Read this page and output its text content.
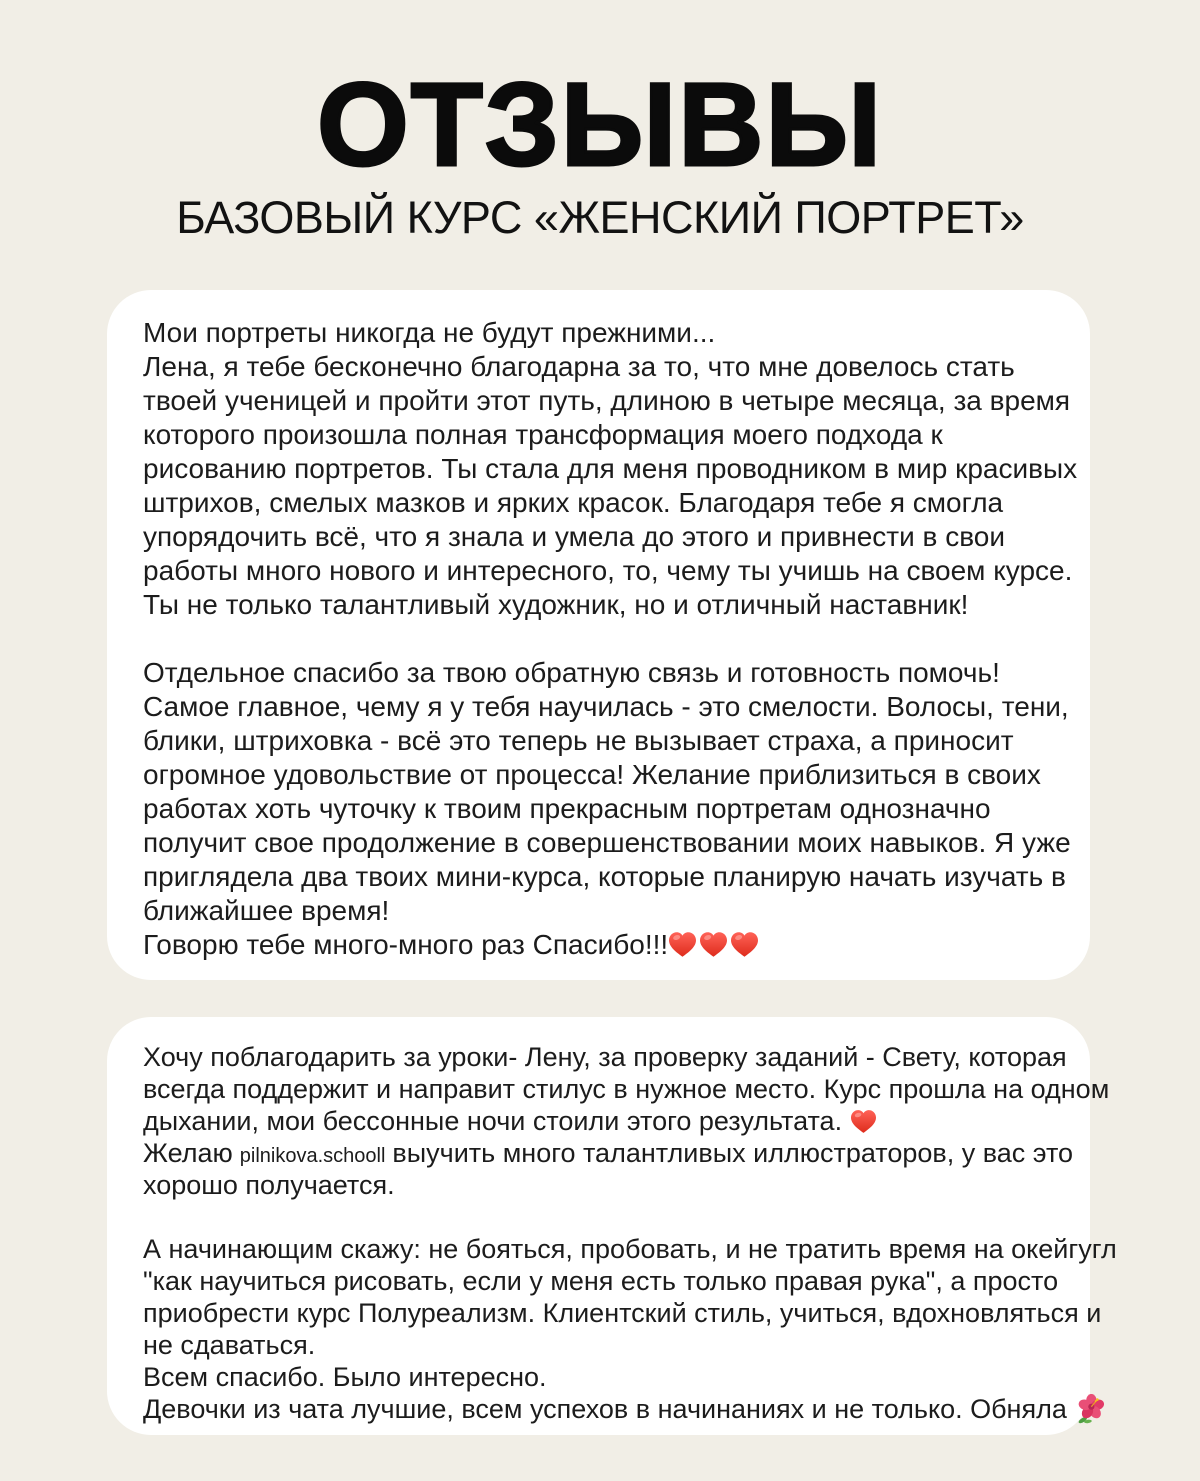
ОТЗЫВЫ
БАЗОВЫЙ КУРС «ЖЕНСКИЙ ПОРТРЕТ»
Мои портреты никогда не будут прежними...
Лена, я тебе бесконечно благодарна за то, что мне довелось стать
твоей ученицей и пройти этот путь, длиною в четыре месяца, за время
которого произошла полная трансформация моего подхода к
рисованию портретов. Ты стала для меня проводником в мир красивых
штрихов, смелых мазков и ярких красок. Благодаря тебе я смогла
упорядочить всё, что я знала и умела до этого и привнести в свои
работы много нового и интересного, то, чему ты учишь на своем курсе.
Ты не только талантливый художник, но и отличный наставник!
Отдельное спасибо за твою обратную связь и готовность помочь!
Самое главное, чему я у тебя научилась - это смелости. Волосы, тени,
блики, штриховка - всё это теперь не вызывает страха, а приносит
огромное удовольствие от процесса! Желание приблизиться в своих
работах хоть чуточку к твоим прекрасным портретам однозначно
получит свое продолжение в совершенствовании моих навыков. Я уже
приглядела два твоих мини-курса, которые планирую начать изучать в
ближайшее время!
Говорю тебе много-много раз Спасибо!!!
Хочу поблагодарить за уроки- Лену, за проверку заданий - Свету, которая
всегда поддержит и направит стилус в нужное место. Курс прошла на одном
дыхании, мои бессонные ночи стоили этого результата.
Желаю pilnikova.schooll выучить много талантливых иллюстраторов, у вас это
хорошо получается.
А начинающим скажу: не бояться, пробовать, и не тратить время на окейгугл
"как научиться рисовать, если у меня есть только правая рука", а просто
приобрести курс Полуреализм. Клиентский стиль, учиться, вдохновляться и
не сдаваться.
Всем спасибо. Было интересно.
Девочки из чата лучшие, всем успехов в начинаниях и не только. Обняла
